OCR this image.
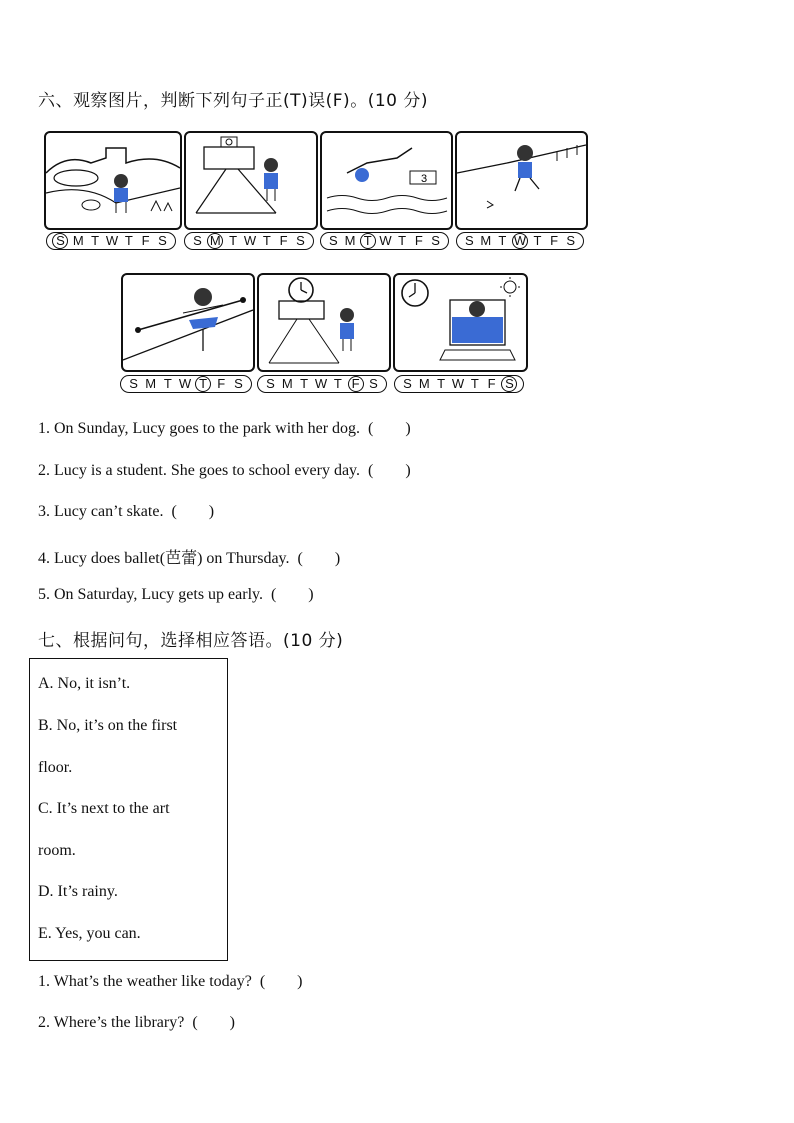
六、观察图片，判断下列句子正(T)误(F)。(10 分)
3
S M T W T F S S M T W T F S S M T W T F S S M T W T F S
S M T W T F S S M T W T F S S M T W T F S
1. On Sunday, Lucy goes to the park with her dog.  (        )
2. Lucy is a student. She goes to school every day.  (        )
3. Lucy can’t skate.  (        )
4. Lucy does ballet(芭蕾) on Thursday.  (        )
5. On Saturday, Lucy gets up early.  (        )
七、根据问句，选择相应答语。(10 分)
A. No, it isn’t.
B. No, it’s on the first
floor.
C. It’s next to the art
room.
D. It’s rainy.
E. Yes, you can.
1. What’s the weather like today?  (        )
2. Where’s the library?  (        )
